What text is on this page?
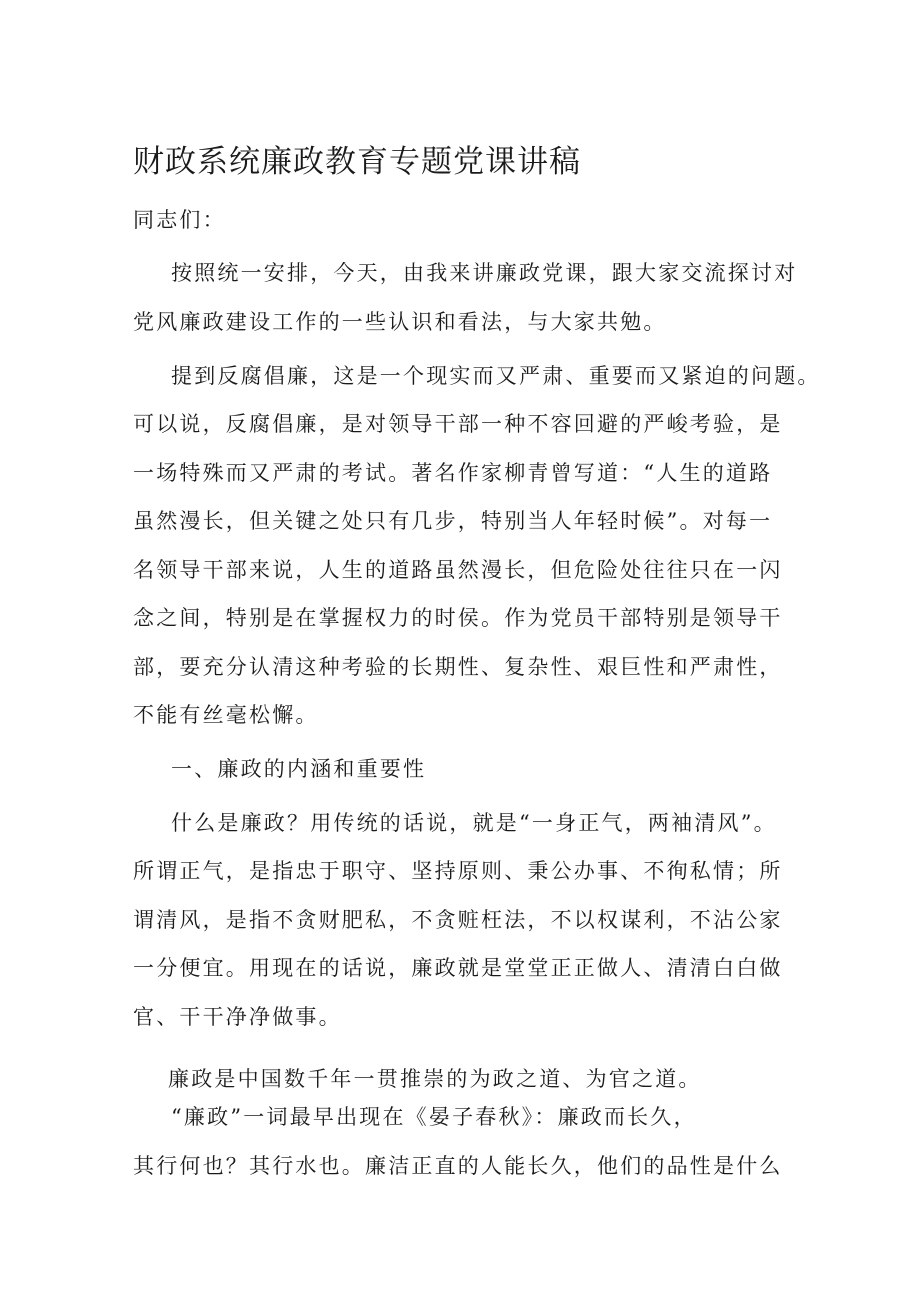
财政系统廉政教育专题党课讲稿
同志们：
按照统一安排，今天，由我来讲廉政党课，跟大家交流探讨对
党风廉政建设工作的一些认识和看法，与大家共勉。
提到反腐倡廉，这是一个现实而又严肃、重要而又紧迫的问题。
可以说，反腐倡廉，是对领导干部一种不容回避的严峻考验，是
一场特殊而又严肃的考试。著名作家柳青曾写道：“人生的道路
虽然漫长，但关键之处只有几步，特别当人年轻时候”。对每一
名领导干部来说，人生的道路虽然漫长，但危险处往往只在一闪
念之间，特别是在掌握权力的时侯。作为党员干部特别是领导干
部，要充分认清这种考验的长期性、复杂性、艰巨性和严肃性，
不能有丝毫松懈。
一、廉政的内涵和重要性
什么是廉政？用传统的话说，就是“一身正气，两袖清风”。
所谓正气，是指忠于职守、坚持原则、秉公办事、不徇私情；所
谓清风，是指不贪财肥私，不贪赃枉法，不以权谋利，不沾公家
一分便宜。用现在的话说，廉政就是堂堂正正做人、清清白白做
官、干干净净做事。
廉政是中国数千年一贯推崇的为政之道、为官之道。
“廉政”一词最早出现在《晏子春秋》：廉政而长久，
其行何也？其行水也。廉洁正直的人能长久，他们的品性是什么
